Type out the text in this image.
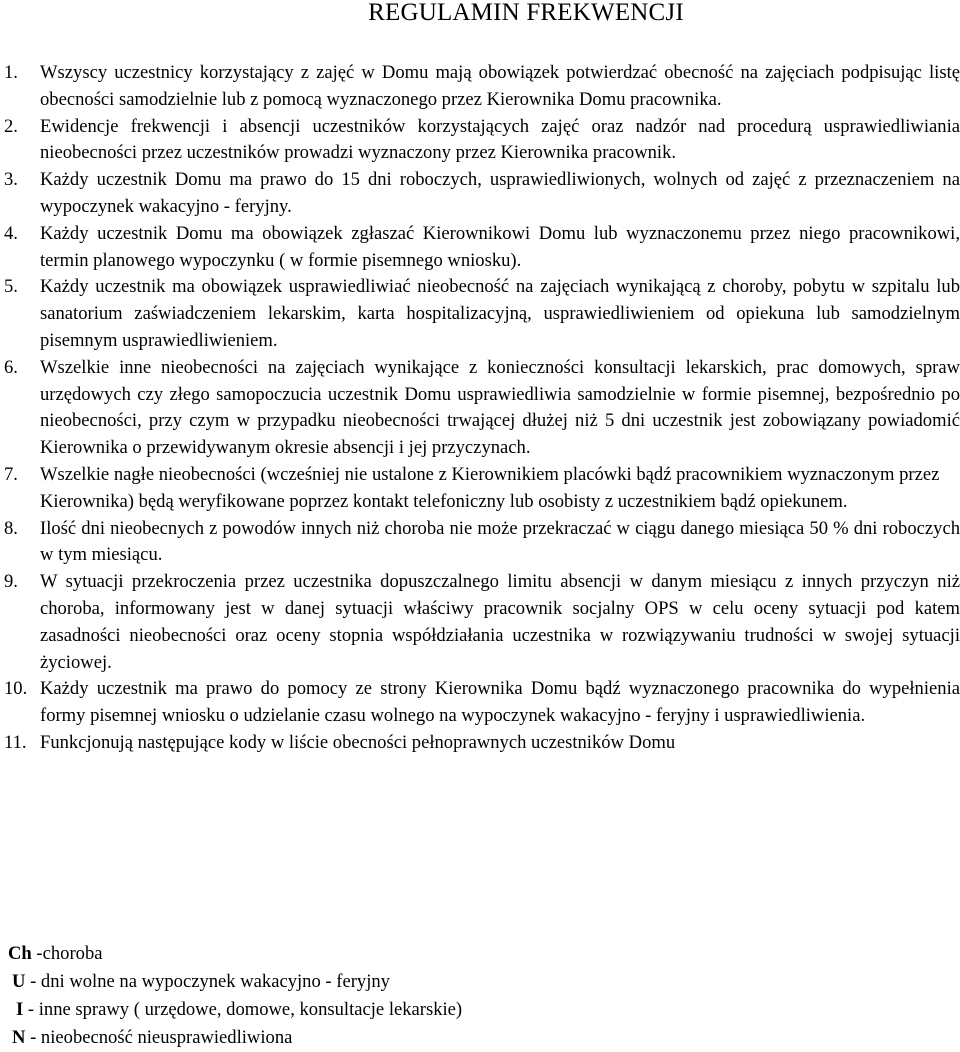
REGULAMIN FREKWENCJI
1. Wszyscy uczestnicy korzystający z zajęć w Domu mają obowiązek potwierdzać obecność na zajęciach podpisując listę obecności samodzielnie lub z pomocą wyznaczonego przez Kierownika Domu pracownika.
2. Ewidencje frekwencji i absencji uczestników korzystających zajęć oraz nadzór nad procedurą usprawiedliwiania nieobecności przez uczestników prowadzi wyznaczony przez Kierownika pracownik.
3. Każdy uczestnik Domu ma prawo do 15 dni roboczych, usprawiedliwionych, wolnych od zajęć z przeznaczeniem na wypoczynek wakacyjno - feryjny.
4. Każdy uczestnik Domu ma obowiązek zgłaszać Kierownikowi Domu lub wyznaczonemu przez niego pracownikowi, termin planowego wypoczynku ( w formie pisemnego wniosku).
5. Każdy uczestnik ma obowiązek usprawiedliwiać nieobecność na zajęciach wynikającą z choroby, pobytu w szpitalu lub sanatorium zaświadczeniem lekarskim, karta hospitalizacyjną, usprawiedliwieniem od opiekuna lub samodzielnym pisemnym usprawiedliwieniem.
6. Wszelkie inne nieobecności na zajęciach wynikające z konieczności konsultacji lekarskich, prac domowych, spraw urzędowych czy złego samopoczucia uczestnik Domu usprawiedliwia samodzielnie w formie pisemnej, bezpośrednio po nieobecności, przy czym w przypadku nieobecności trwającej dłużej niż 5 dni uczestnik jest zobowiązany powiadomić Kierownika o przewidywanym okresie absencji i jej przyczynach.
7. Wszelkie nagłe nieobecności (wcześniej nie ustalone z Kierownikiem placówki bądź pracownikiem wyznaczonym przez Kierownika) będą weryfikowane poprzez kontakt telefoniczny lub osobisty z uczestnikiem bądź opiekunem.
8. Ilość dni nieobecnych z powodów innych niż choroba nie może przekraczać w ciągu danego miesiąca 50 % dni roboczych w tym miesiącu.
9. W sytuacji przekroczenia przez uczestnika dopuszczalnego limitu absencji w danym miesiącu z innych przyczyn niż choroba, informowany jest w danej sytuacji właściwy pracownik socjalny OPS w celu oceny sytuacji pod katem zasadności nieobecności oraz oceny stopnia współdziałania uczestnika w rozwiązywaniu trudności w swojej sytuacji życiowej.
10. Każdy uczestnik ma prawo do pomocy ze strony Kierownika Domu bądź wyznaczonego pracownika do wypełnienia formy pisemnej wniosku o udzielanie czasu wolnego na wypoczynek wakacyjno - feryjny i usprawiedliwienia.
11. Funkcjonują następujące kody w liście obecności pełnoprawnych uczestników Domu
Ch -choroba
U - dni wolne na wypoczynek wakacyjno - feryjny
I - inne sprawy ( urzędowe, domowe, konsultacje lekarskie)
N - nieobecność nieusprawiedliwiona
